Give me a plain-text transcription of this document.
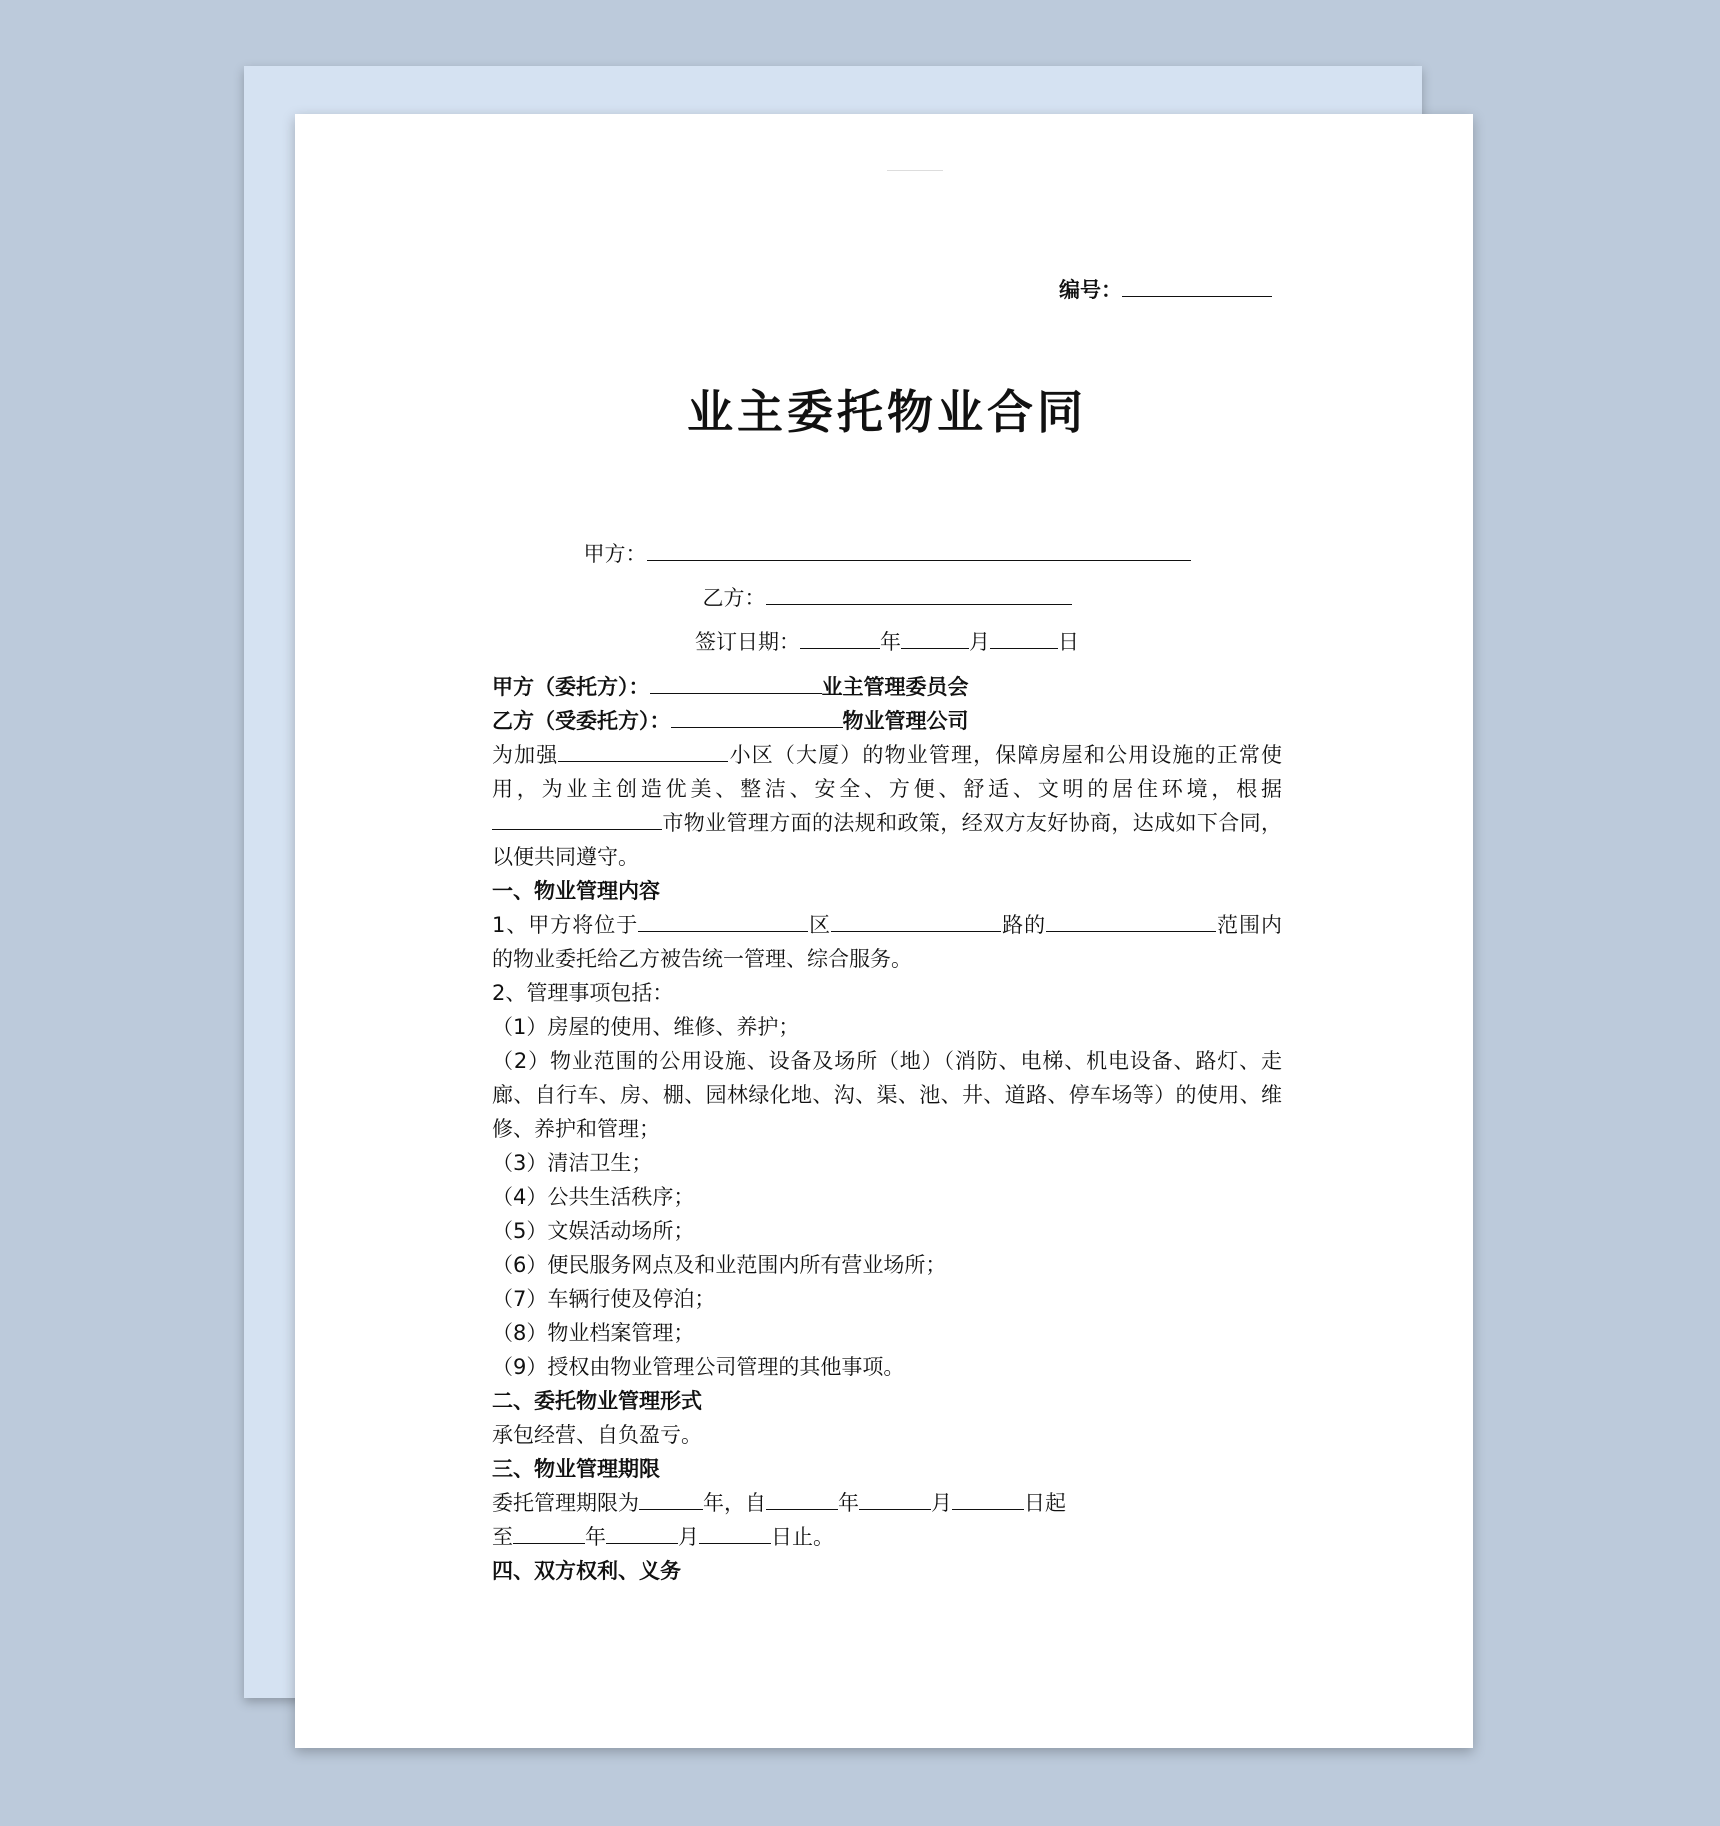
编号：
业主委托物业合同
甲方：
乙方：
签订日期：	年	月	日

甲方（委托方）：	业主管理委员会

乙方（受委托方）：	物业管理公司

为加强	小区（大厦）的物业管理，保障房屋和公用设施的正常使用，为业主创造优美、整洁、安全、方便、舒适、文明的居住环境，根据市物业管理方面的法规和政策，经双方友好协商，达成如下合同，以便共同遵守。

一、物业管理内容

1、甲方将位于	区	路的	范围内的物业委托给乙方被告统一管理、综合服务。

2、管理事项包括：

（1）房屋的使用、维修、养护；

（2）物业范围的公用设施、设备及场所（地）（消防、电梯、机电设备、路灯、走廊、自行车、房、棚、园林绿化地、沟、渠、池、井、道路、停车场等）的使用、维修、养护和管理；

（3）清洁卫生；

（4）公共生活秩序；

（5）文娱活动场所；

（6）便民服务网点及和业范围内所有营业场所；

（7）车辆行使及停泊；

（8）物业档案管理；

（9）授权由物业管理公司管理的其他事项。

二、委托物业管理形式

承包经营、自负盈亏。

三、物业管理期限

委托管理期限为	年，自	年	月	日起

至	年	月	日止。

四、双方权利、义务
